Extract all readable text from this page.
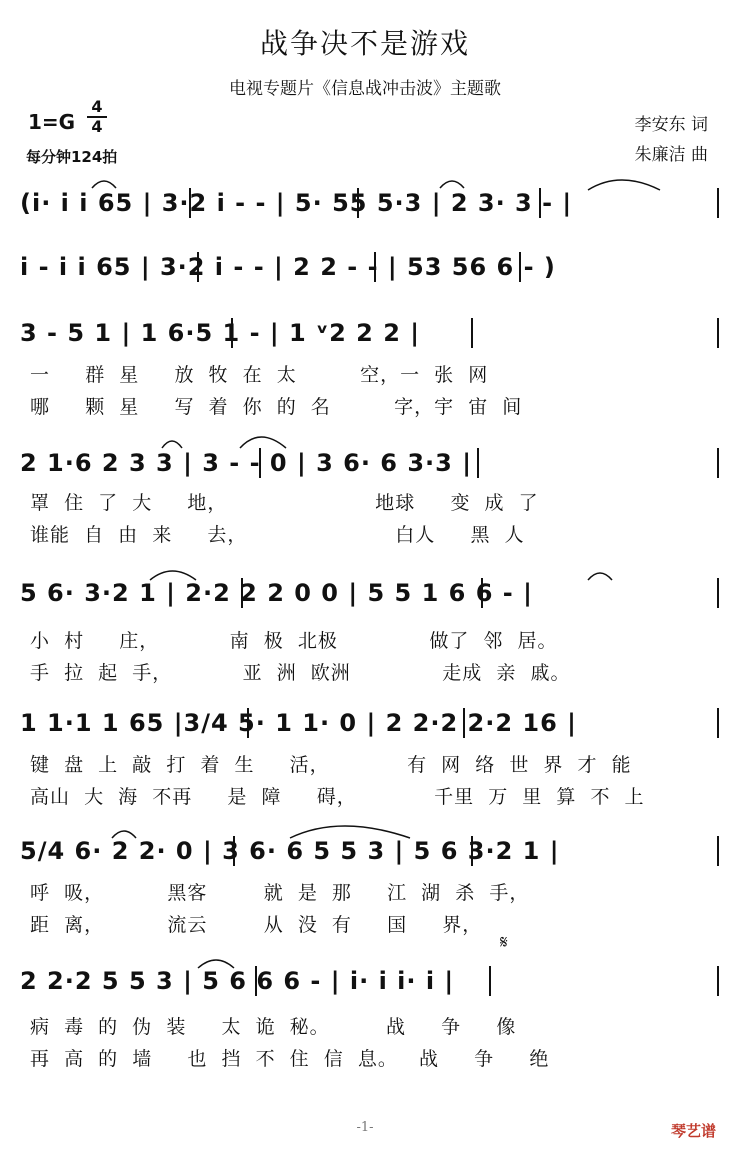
战争决不是游戏
电视专题片《信息战冲击波》主题歌
1=G
4
4
每分钟124拍
李安东 词
朱廉洁 曲
(i· i i 65 | 3·2 i - - | 5· 55 5·3 | 2 3· 3 - |
i - i i 65 | 3·2 i - - | 2 2 - - | 53 56 6 - )
3 - 5 1 | 1 6·5 1 - | 1 ᵛ2 2 2 |
一     群  星     放  牧  在  太         空，一  张  网
哪     颗  星     写  着  你  的  名         字，宇  宙  间
2 1·6 2 3 3 | 3 - - 0 | 3 6· 6 3·3 |
罩  住  了  大     地，                     地球     变  成  了
谁能  自  由  来     去，                     白人     黑  人
5 6· 3·2 1 | 2·2 2 2 0 0 | 5 5 1 6 6 - |
小  村     庄，          南  极  北极             做了  邻  居。
手  拉  起  手，          亚  洲  欧洲             走成  亲  戚。
1 1·1 1 65 |3/4 5· 1 1· 0 | 2 2·2 2·2 16 |
键  盘  上  敲  打  着  生     活，           有  网  络  世  界  才  能
高山  大  海  不再     是  障     碍，           千里  万  里  算  不  上
5/4 6· 2 2· 0 | 3 6· 6 5 5 3 | 5 6 3·2 1 |
呼  吸，         黑客        就  是  那     江  湖  杀  手，
距  离，         流云        从  没  有     国     界，
𝄋
2 2·2 5 5 3 | 5 6 6 6 - | i· i i· i |
病  毒  的  伪  装     太  诡  秘。        战     争     像
再  高  的  墙     也  挡  不  住  信  息。   战     争     绝
-1-	琴艺谱
